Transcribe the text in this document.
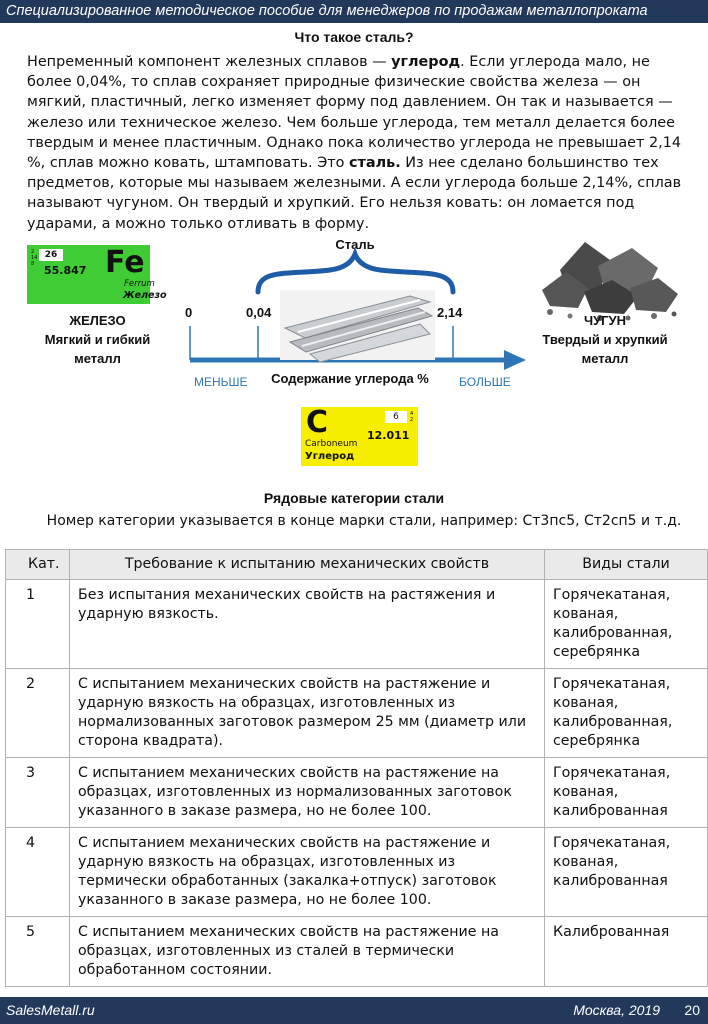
Специализированное методическое пособие для менеджеров по продажам металлопроката
Что такое сталь?

Непременный компонент железных сплавов — углерод. Если углерода мало, не более 0,04%, то сплав сохраняет природные физические свойства железа — он мягкий, пластичный, легко изменяет форму под давлением. Он так и называется — железо или техническое железо. Чем больше углерода, тем металл делается более твердым и менее пластичным. Однако пока количество углерода не превышает 2,14 %, сплав можно ковать, штамповать. Это сталь. Из нее сделано большинство тех предметов, которые мы называем железными. А если углерода больше 2,14%, сплав называют чугуном. Он твердый и хрупкий. Его нельзя ковать: он ломается под ударами, а можно только отливать в форму.

2 14 8
26
55.847 Fe
Ferrum
Железо
C	6	4 2
12.011
Carboneum
Углерод
ЖЕЛЕЗО
Мягкий и гибкий металл
ЧУГУН
Твердый и хрупкий металл
Сталь
0	0,04	2,14
Содержание углерода %
МЕНЬШЕ	БОЛЬШЕ
Рядовые категории стали
Номер категории указывается в конце марки стали, например: Ст3пс5, Ст2сп5 и т.д.
Кат.	Требование к испытанию механических свойств	Виды стали
1	Без испытания механических свойств на растяжения и ударную вязкость.	Горячекатаная, кованая, калиброванная, серебрянка
2	С испытанием механических свойств на растяжение и ударную вязкость на образцах, изготовленных из нормализованных заготовок размером 25 мм (диаметр или сторона квадрата).	Горячекатаная, кованая, калиброванная, серебрянка
3	С испытанием механических свойств на растяжение на образцах, изготовленных из нормализованных заготовок указанного в заказе размера, но не более 100.	Горячекатаная, кованая, калиброванная
4	С испытанием механических свойств на растяжение и ударную вязкость на образцах, изготовленных из термически обработанных (закалка+отпуск) заготовок указанного в заказе размера, но не более 100.	Горячекатаная, кованая, калиброванная
5	С испытанием механических свойств на растяжение на образцах, изготовленных из сталей в термически обработанном состоянии.	Калиброванная
SalesMetall.ru	Москва, 2019 20
